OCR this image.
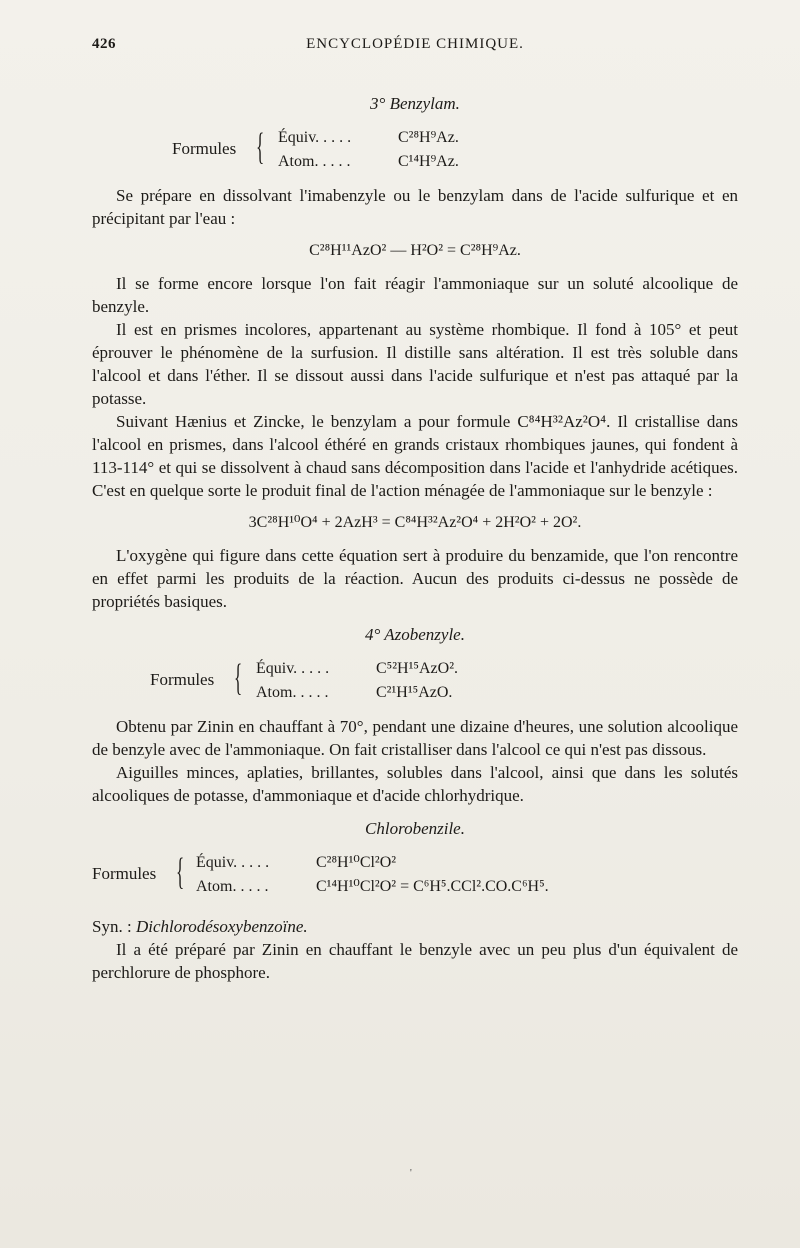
426	ENCYCLOPÉDIE CHIMIQUE.
3° Benzylam.
Formules { Équiv. . . . .	C²⁸H⁹Az.
Atom. . . . .	C¹⁴H⁹Az.

Se prépare en dissolvant l'imabenzyle ou le benzylam dans de l'acide sulfurique et en précipitant par l'eau :

C²⁸H¹¹AzO² — H²O² = C²⁸H⁹Az.

Il se forme encore lorsque l'on fait réagir l'ammoniaque sur un soluté alcoolique de benzyle.

Il est en prismes incolores, appartenant au système rhombique. Il fond à 105° et peut éprouver le phénomène de la surfusion. Il distille sans altération. Il est très soluble dans l'alcool et dans l'éther. Il se dissout aussi dans l'acide sulfurique et n'est pas attaqué par la potasse.

Suivant Hænius et Zincke, le benzylam a pour formule C⁸⁴H³²Az²O⁴. Il cristallise dans l'alcool en prismes, dans l'alcool éthéré en grands cristaux rhombiques jaunes, qui fondent à 113-114° et qui se dissolvent à chaud sans décomposition dans l'acide et l'anhydride acétiques. C'est en quelque sorte le produit final de l'action ménagée de l'ammoniaque sur le benzyle :

3C²⁸H¹⁰O⁴ + 2AzH³ = C⁸⁴H³²Az²O⁴ + 2H²O² + 2O².

L'oxygène qui figure dans cette équation sert à produire du benzamide, que l'on rencontre en effet parmi les produits de la réaction. Aucun des produits ci-dessus ne possède de propriétés basiques.

4° Azobenzyle.
Formules { Équiv. . . . .	C⁵²H¹⁵AzO².
Atom. . . . .	C²¹H¹⁵AzO.

Obtenu par Zinin en chauffant à 70°, pendant une dizaine d'heures, une solution alcoolique de benzyle avec de l'ammoniaque. On fait cristalliser dans l'alcool ce qui n'est pas dissous.

Aiguilles minces, aplaties, brillantes, solubles dans l'alcool, ainsi que dans les solutés alcooliques de potasse, d'ammoniaque et d'acide chlorhydrique.

Chlorobenzile.
Formules { Équiv. . . . .	C²⁸H¹⁰Cl²O²
Atom. . . . .	C¹⁴H¹⁰Cl²O² = C⁶H⁵.CCl².CO.C⁶H⁵.

Syn. : Dichlorodésoxybenzoïne.

Il a été préparé par Zinin en chauffant le benzyle avec un peu plus d'un équivalent de perchlorure de phosphore.

'
